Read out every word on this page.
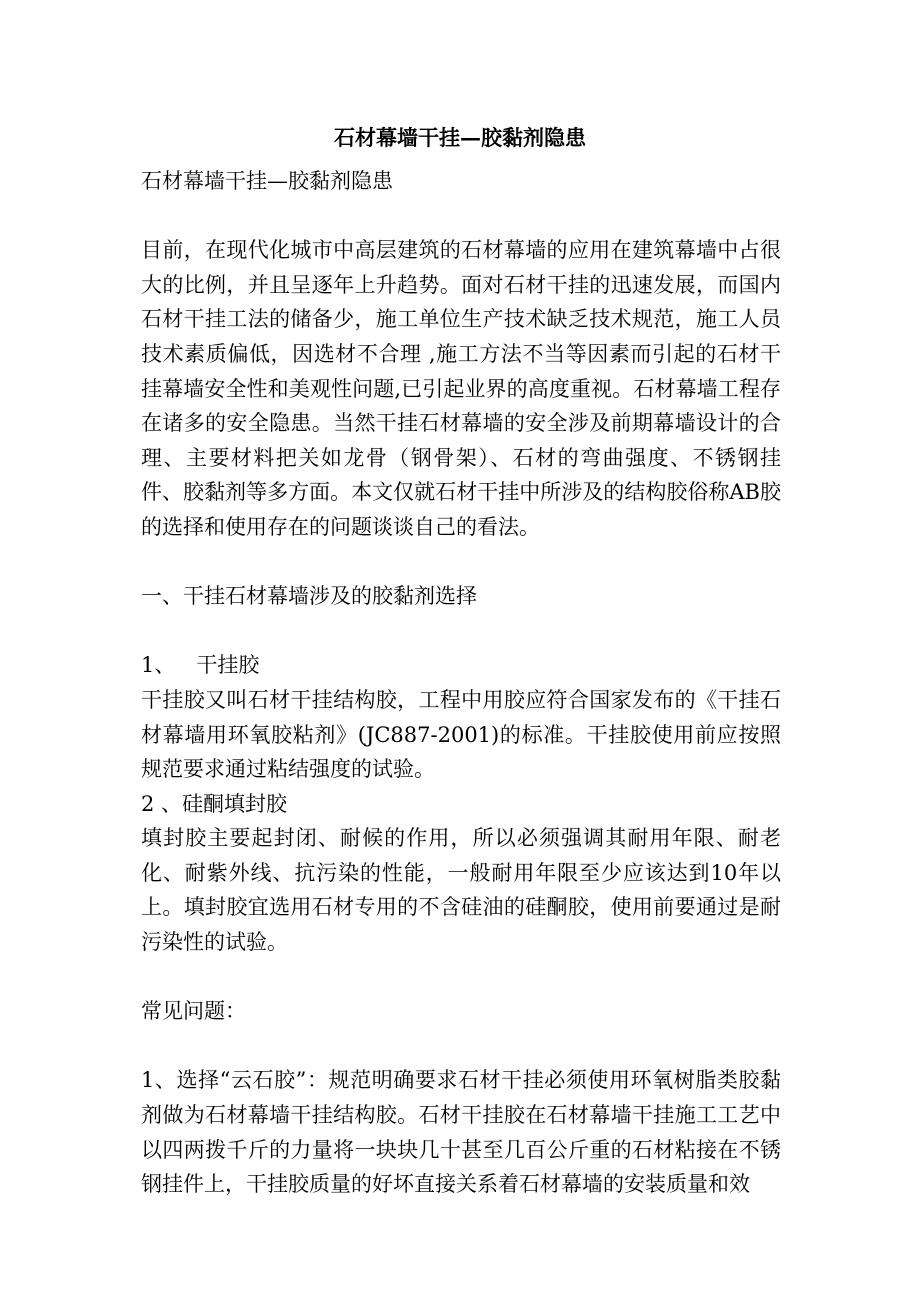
石材幕墙干挂—胶黏剂隐患

石材幕墙干挂—胶黏剂隐患

目前，在现代化城市中高层建筑的石材幕墙的应用在建筑幕墙中占很大的比例，并且呈逐年上升趋势。面对石材干挂的迅速发展，而国内石材干挂工法的储备少，施工单位生产技术缺乏技术规范，施工人员技术素质偏低，因选材不合理 ,施工方法不当等因素而引起的石材干挂幕墙安全性和美观性问题,已引起业界的高度重视。石材幕墙工程存在诸多的安全隐患。当然干挂石材幕墙的安全涉及前期幕墙设计的合理、主要材料把关如龙骨（钢骨架）、石材的弯曲强度、不锈钢挂件、胶黏剂等多方面。本文仅就石材干挂中所涉及的结构胶俗称AB胶的选择和使用存在的问题谈谈自己的看法。

一、干挂石材幕墙涉及的胶黏剂选择

1、 干挂胶

干挂胶又叫石材干挂结构胶，工程中用胶应符合国家发布的《干挂石材幕墙用环氧胶粘剂》(JC887-2001)的标准。干挂胶使用前应按照规范要求通过粘结强度的试验。

2 、硅酮填封胶

填封胶主要起封闭、耐候的作用，所以必须强调其耐用年限、耐老化、耐紫外线、抗污染的性能，一般耐用年限至少应该达到10年以上。填封胶宜选用石材专用的不含硅油的硅酮胶，使用前要通过是耐污染性的试验。

常见问题：

1、选择“云石胶”：规范明确要求石材干挂必须使用环氧树脂类胶黏剂做为石材幕墙干挂结构胶。石材干挂胶在石材幕墙干挂施工工艺中以四两拨千斤的力量将一块块几十甚至几百公斤重的石材粘接在不锈钢挂件上，干挂胶质量的好坏直接关系着石材幕墙的安装质量和效
